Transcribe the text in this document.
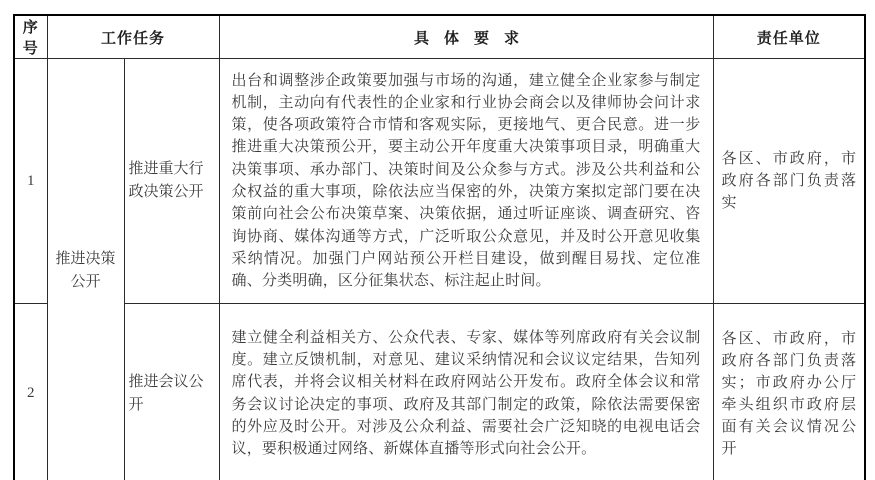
序号	工作任务		具体要求	责任单位
1	推进决策公开	推进重大行政决策公开	出台和调整涉企政策要加强与市场的沟通，建立健全企业家参与制定机制，主动向有代表性的企业家和行业协会商会以及律师协会问计求策，使各项政策符合市情和客观实际，更接地气、更合民意。进一步推进重大决策预公开，要主动公开年度重大决策事项目录，明确重大决策事项、承办部门、决策时间及公众参与方式。涉及公共利益和公众权益的重大事项，除依法应当保密的外，决策方案拟定部门要在决策前向社会公布决策草案、决策依据，通过听证座谈、调查研究、咨询协商、媒体沟通等方式，广泛听取公众意见，并及时公开意见收集采纳情况。加强门户网站预公开栏目建设，做到醒目易找、定位准确、分类明确，区分征集状态、标注起止时间。	各区、市政府，市政府各部门负责落实
2		推进会议公开	建立健全利益相关方、公众代表、专家、媒体等列席政府有关会议制度。建立反馈机制，对意见、建议采纳情况和会议议定结果，告知列席代表，并将会议相关材料在政府网站公开发布。政府全体会议和常务会议讨论决定的事项、政府及其部门制定的政策，除依法需要保密的外应及时公开。对涉及公众利益、需要社会广泛知晓的电视电话会议，要积极通过网络、新媒体直播等形式向社会公开。	各区、市政府，市政府各部门负责落实；市政府办公厅牵头组织市政府层面有关会议情况公开
